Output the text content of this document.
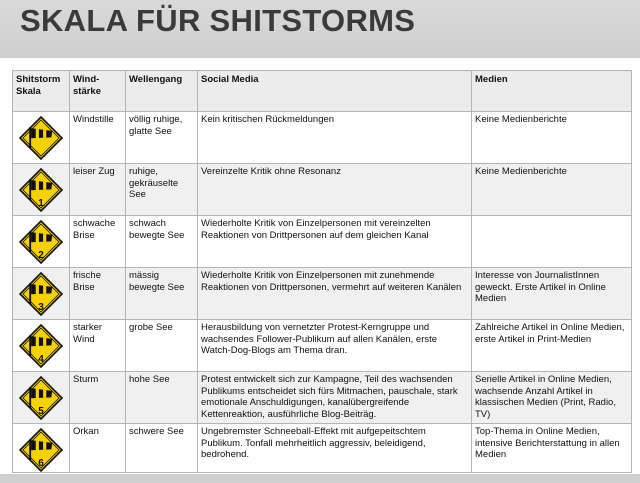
SKALA FÜR SHITSTORMS
Shitstorm Skala	Wind-stärke	Wellengang	Social Media	Medien

	Windstille	völlig ruhige, glatte See	Kein kritischen Rückmeldungen	Keine Medienberichte

1	leiser Zug	ruhige, gekräuselte See	Vereinzelte Kritik ohne Resonanz	Keine Medienberichte

2	schwache Brise	schwach bewegte See	Wiederholte Kritik von Einzelpersonen mit vereinzelten Reaktionen von Drittpersonen auf dem gleichen Kanal	

3	frische Brise	mässig bewegte See	Wiederholte Kritik von Einzelpersonen mit zunehmende Reaktionen von Drittpersonen, vermehrt auf weiteren Kanälen	Interesse von JournalistInnen geweckt. Erste Artikel in Online Medien

4	starker Wind	grobe See	Herausbildung von vernetzter Protest-Kerngruppe und wachsendes Follower-Publikum auf allen Kanälen, erste Watch-Dog-Blogs am Thema dran.	Zahlreiche Artikel in Online Medien, erste Artikel in Print-Medien

5	Sturm	hohe See	Protest entwickelt sich zur Kampagne, Teil des wachsenden Publikums entscheidet sich fürs Mitmachen, pauschale, stark emotionale Anschuldigungen, kanalübergreifende Kettenreaktion, ausführliche Blog-Beiträg.	Serielle Artikel in Online Medien, wachsende Anzahl Artikel in klassischen Medien (Print, Radio, TV)

6	Orkan	schwere See	Ungebremster Schneeball-Effekt mit aufgepeitschtem Publikum. Tonfall mehrheitlich aggressiv, beleidigend, bedrohend.	Top-Thema in Online Medien, intensive Berichterstattung in allen Medien
